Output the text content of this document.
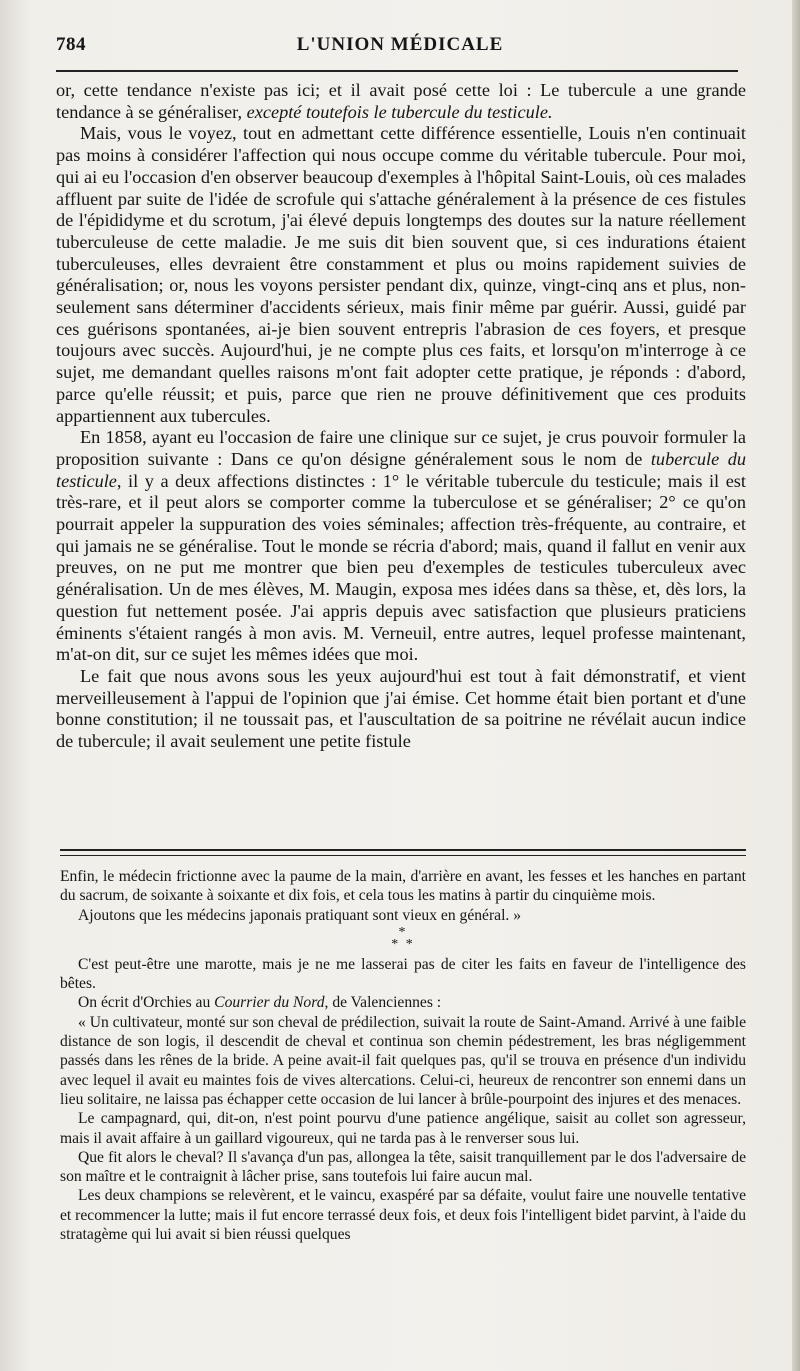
784	L'UNION MÉDICALE

or, cette tendance n'existe pas ici; et il avait posé cette loi : Le tubercule a une grande tendance à se généraliser, excepté toutefois le tubercule du testicule.

Mais, vous le voyez, tout en admettant cette différence essentielle, Louis n'en continuait pas moins à considérer l'affection qui nous occupe comme du véritable tubercule. Pour moi, qui ai eu l'occasion d'en observer beaucoup d'exemples à l'hôpital Saint-Louis, où ces malades affluent par suite de l'idée de scrofule qui s'attache généralement à la présence de ces fistules de l'épididyme et du scrotum, j'ai élevé depuis longtemps des doutes sur la nature réellement tuberculeuse de cette maladie. Je me suis dit bien souvent que, si ces indurations étaient tuberculeuses, elles devraient être constamment et plus ou moins rapidement suivies de généralisation; or, nous les voyons persister pendant dix, quinze, vingt-cinq ans et plus, non-seulement sans déterminer d'accidents sérieux, mais finir même par guérir. Aussi, guidé par ces guérisons spontanées, ai-je bien souvent entrepris l'abrasion de ces foyers, et presque toujours avec succès. Aujourd'hui, je ne compte plus ces faits, et lorsqu'on m'interroge à ce sujet, me demandant quelles raisons m'ont fait adopter cette pratique, je réponds : d'abord, parce qu'elle réussit; et puis, parce que rien ne prouve définitivement que ces produits appartiennent aux tubercules.

En 1858, ayant eu l'occasion de faire une clinique sur ce sujet, je crus pouvoir formuler la proposition suivante : Dans ce qu'on désigne généralement sous le nom de tubercule du testicule, il y a deux affections distinctes : 1° le véritable tubercule du testicule; mais il est très-rare, et il peut alors se comporter comme la tuberculose et se généraliser; 2° ce qu'on pourrait appeler la suppuration des voies séminales; affection très-fréquente, au contraire, et qui jamais ne se généralise. Tout le monde se récria d'abord; mais, quand il fallut en venir aux preuves, on ne put me montrer que bien peu d'exemples de testicules tuberculeux avec généralisation. Un de mes élèves, M. Maugin, exposa mes idées dans sa thèse, et, dès lors, la question fut nettement posée. J'ai appris depuis avec satisfaction que plusieurs praticiens éminents s'étaient rangés à mon avis. M. Verneuil, entre autres, lequel professe maintenant, m'at-on dit, sur ce sujet les mêmes idées que moi.

Le fait que nous avons sous les yeux aujourd'hui est tout à fait démonstratif, et vient merveilleusement à l'appui de l'opinion que j'ai émise. Cet homme était bien portant et d'une bonne constitution; il ne toussait pas, et l'auscultation de sa poitrine ne révélait aucun indice de tubercule; il avait seulement une petite fistule

Enfin, le médecin frictionne avec la paume de la main, d'arrière en avant, les fesses et les hanches en partant du sacrum, de soixante à soixante et dix fois, et cela tous les matins à partir du cinquième mois.

Ajoutons que les médecins japonais pratiquant sont vieux en général. »

*
* *

C'est peut-être une marotte, mais je ne me lasserai pas de citer les faits en faveur de l'intelligence des bêtes.

On écrit d'Orchies au Courrier du Nord, de Valenciennes :

« Un cultivateur, monté sur son cheval de prédilection, suivait la route de Saint-Amand. Arrivé à une faible distance de son logis, il descendit de cheval et continua son chemin pédestrement, les bras négligemment passés dans les rênes de la bride. A peine avait-il fait quelques pas, qu'il se trouva en présence d'un individu avec lequel il avait eu maintes fois de vives altercations. Celui-ci, heureux de rencontrer son ennemi dans un lieu solitaire, ne laissa pas échapper cette occasion de lui lancer à brûle-pourpoint des injures et des menaces.

Le campagnard, qui, dit-on, n'est point pourvu d'une patience angélique, saisit au collet son agresseur, mais il avait affaire à un gaillard vigoureux, qui ne tarda pas à le renverser sous lui.

Que fit alors le cheval? Il s'avança d'un pas, allongea la tête, saisit tranquillement par le dos l'adversaire de son maître et le contraignit à lâcher prise, sans toutefois lui faire aucun mal.

Les deux champions se relevèrent, et le vaincu, exaspéré par sa défaite, voulut faire une nouvelle tentative et recommencer la lutte; mais il fut encore terrassé deux fois, et deux fois l'intelligent bidet parvint, à l'aide du stratagème qui lui avait si bien réussi quelques
